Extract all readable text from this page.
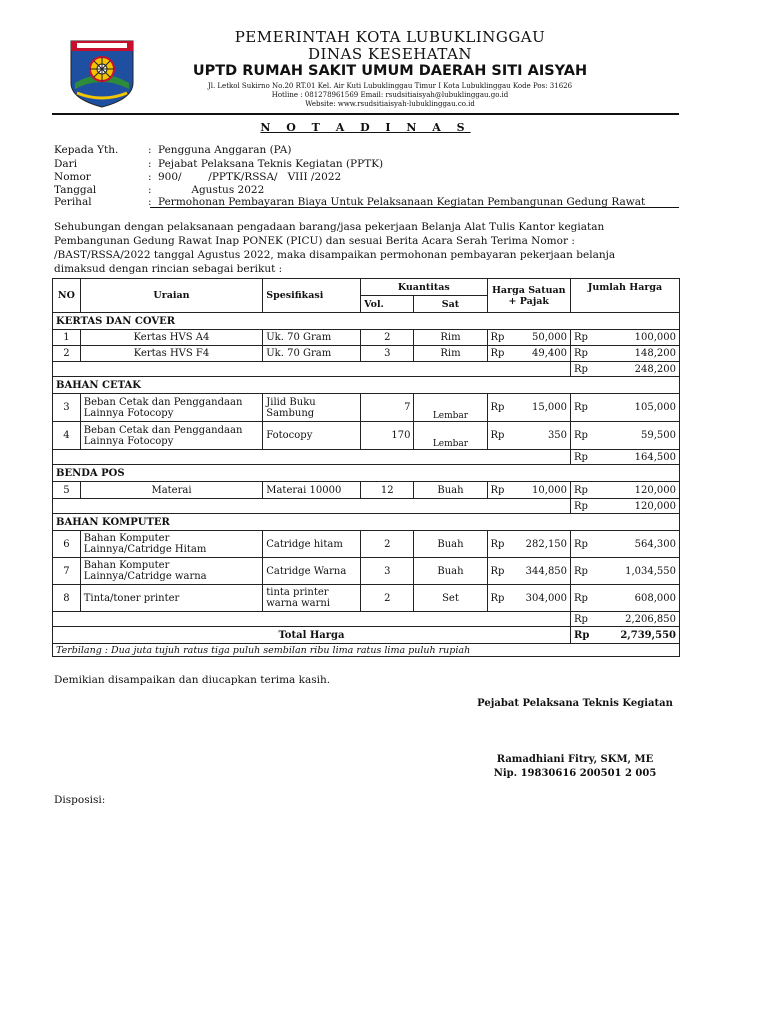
PEMERINTAH KOTA LUBUKLINGGAU
DINAS KESEHATAN
UPTD RUMAH SAKIT UMUM DAERAH SITI AISYAH
Jl. Letkol Sukirno No.20 RT.01 Kel. Air Kuti Lubuklinggau Timur I Kota Lubuklinggau Kode Pos: 31626
Hotline : 081278961569 Email: rsudsitiaisyah@lubuklinggau.go.id
Website: www.rsudsitiaisyah-lubuklinggau.co.id
N O T A D I N A S
Kepada Yth.	: Pengguna Anggaran (PA)
Dari	: Pejabat Pelaksana Teknis Kegiatan (PPTK)
Nomor	: 900/        /PPTK/RSSA/   VIII /2022
Tanggal	: Agustus 2022
Perihal	: Permohonan Pembayaran Biaya Untuk Pelaksanaan Kegiatan Pembangunan Gedung Rawat
Sehubungan dengan pelaksanaan pengadaan barang/jasa pekerjaan Belanja Alat Tulis Kantor kegiatan
Pembangunan Gedung Rawat Inap PONEK (PICU) dan sesuai Berita Acara Serah Terima Nomor :
/BAST/RSSA/2022 tanggal Agustus 2022, maka disampaikan permohonan pembayaran pekerjaan belanja
dimaksud dengan rincian sebagai berikut :
NO	Uraian	Spesifikasi	Kuantitas		Harga Satuan + Pajak		Jumlah Harga	
			Vol.	Sat				
KERTAS DAN COVER								
1	Kertas HVS A4	Uk. 70 Gram	2	Rim	Rp	50,000	Rp	100,000
2	Kertas HVS F4	Uk. 70 Gram	3	Rim	Rp	49,400	Rp	148,200
							Rp	248,200
BAHAN CETAK								
3	Beban Cetak dan Penggandaan Lainnya Fotocopy	Jilid Buku Sambung	7	Lembar	Rp	15,000	Rp	105,000
4	Beban Cetak dan Penggandaan Lainnya Fotocopy	Fotocopy	170	Lembar	Rp	350	Rp	59,500
							Rp	164,500
BENDA POS								
5	Materai	Materai 10000	12	Buah	Rp	10,000	Rp	120,000
							Rp	120,000
BAHAN KOMPUTER								
6	Bahan Komputer Lainnya/Catridge Hitam	Catridge hitam	2	Buah	Rp	282,150	Rp	564,300
7	Bahan Komputer Lainnya/Catridge warna	Catridge Warna	3	Buah	Rp	344,850	Rp	1,034,550
8	Tinta/toner printer	tinta printer warna warni	2	Set	Rp	304,000	Rp	608,000
							Rp	2,206,850
Total Harga							Rp	2,739,550
Terbilang : Dua juta tujuh ratus tiga puluh sembilan ribu lima ratus lima puluh rupiah								
Demikian disampaikan dan diucapkan terima kasih.
Pejabat Pelaksana Teknis Kegiatan
Ramadhiani Fitry, SKM, ME
Nip. 19830616 200501 2 005
Disposisi:
